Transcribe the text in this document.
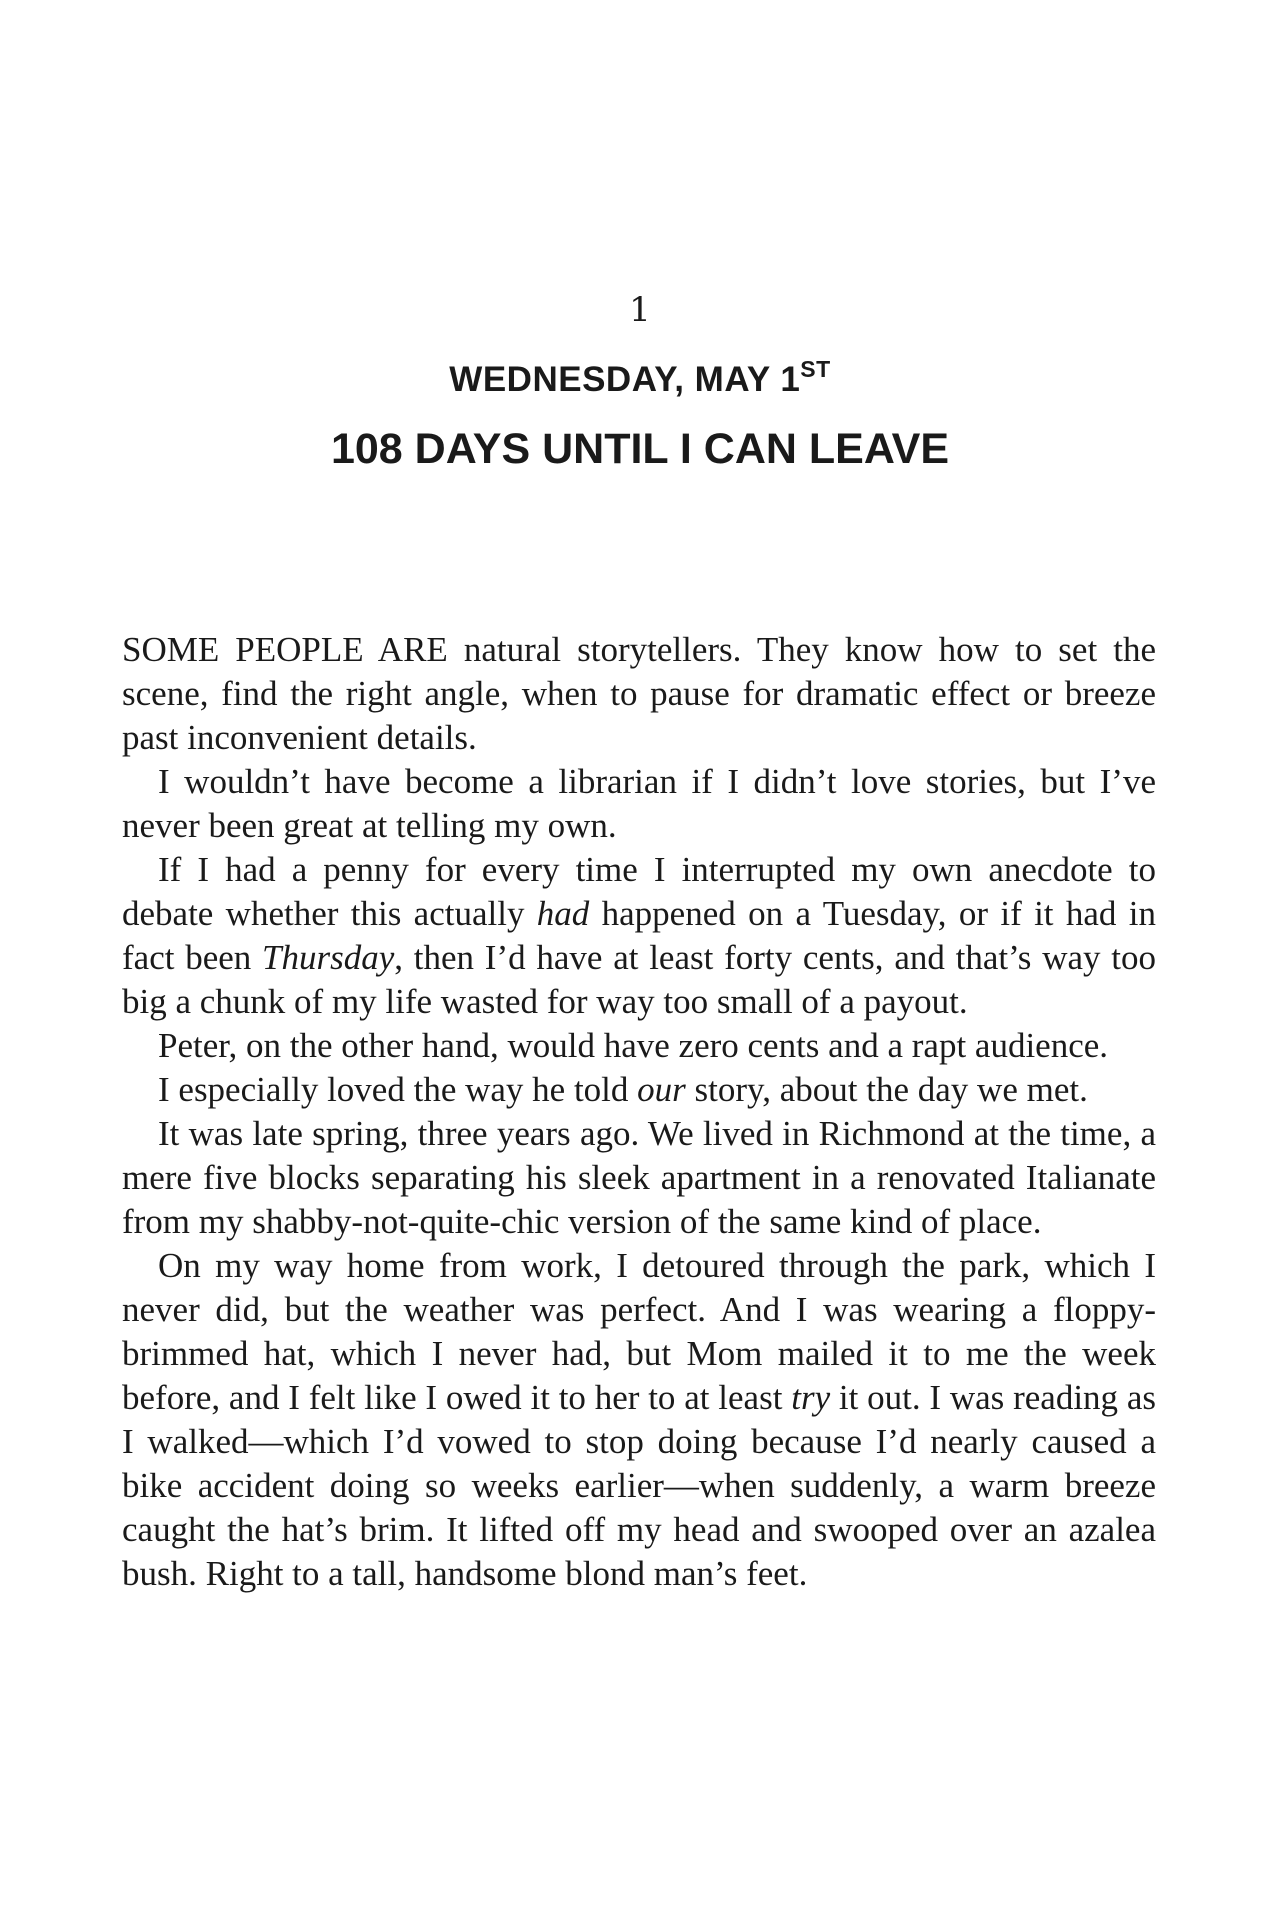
1
WEDNESDAY, MAY 1ST
108 DAYS UNTIL I CAN LEAVE

SOME PEOPLE ARE natural storytellers. They know how to set the scene, find the right angle, when to pause for dramatic effect or breeze past inconvenient details.

I wouldn’t have become a librarian if I didn’t love stories, but I’ve never been great at telling my own.

If I had a penny for every time I interrupted my own anecdote to debate whether this actually had happened on a Tuesday, or if it had in fact been Thursday, then I’d have at least forty cents, and that’s way too big a chunk of my life wasted for way too small of a payout.

Peter, on the other hand, would have zero cents and a rapt audience.

I especially loved the way he told our story, about the day we met.

It was late spring, three years ago. We lived in Richmond at the time, a mere five blocks separating his sleek apartment in a renovated Italianate from my shabby-not-quite-chic version of the same kind of place.

On my way home from work, I detoured through the park, which I never did, but the weather was perfect. And I was wearing a floppy-brimmed hat, which I never had, but Mom mailed it to me the week before, and I felt like I owed it to her to at least try it out. I was reading as I walked—which I’d vowed to stop doing because I’d nearly caused a bike accident doing so weeks earlier—when suddenly, a warm breeze caught the hat’s brim. It lifted off my head and swooped over an azalea bush. Right to a tall, handsome blond man’s feet.
